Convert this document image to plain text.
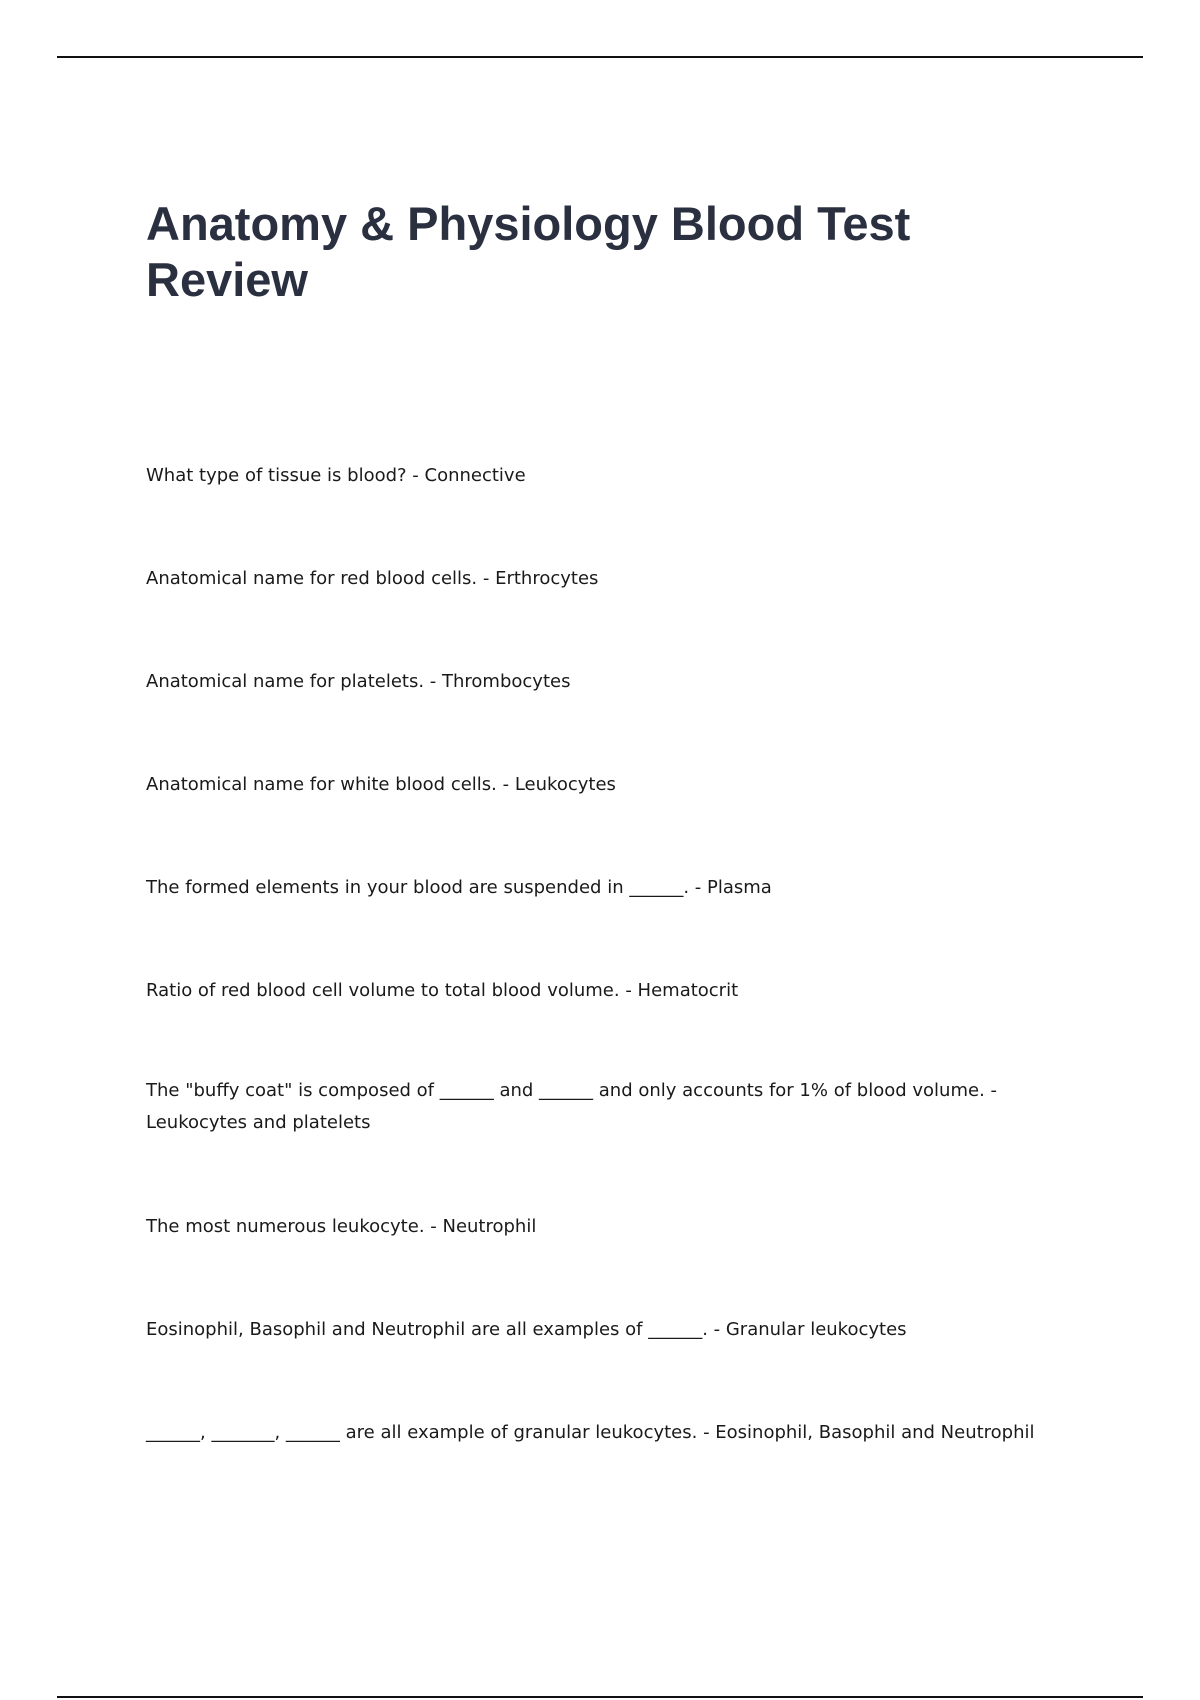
Anatomy & Physiology Blood Test Review

What type of tissue is blood? - Connective

Anatomical name for red blood cells. - Erthrocytes

Anatomical name for platelets. - Thrombocytes

Anatomical name for white blood cells. - Leukocytes

The formed elements in your blood are suspended in ______. - Plasma

Ratio of red blood cell volume to total blood volume. - Hematocrit

The "buffy coat" is composed of ______ and ______ and only accounts for 1% of blood volume. - Leukocytes and platelets

The most numerous leukocyte. - Neutrophil

Eosinophil, Basophil and Neutrophil are all examples of ______. - Granular leukocytes

______, _______, ______ are all example of granular leukocytes. - Eosinophil, Basophil and Neutrophil
